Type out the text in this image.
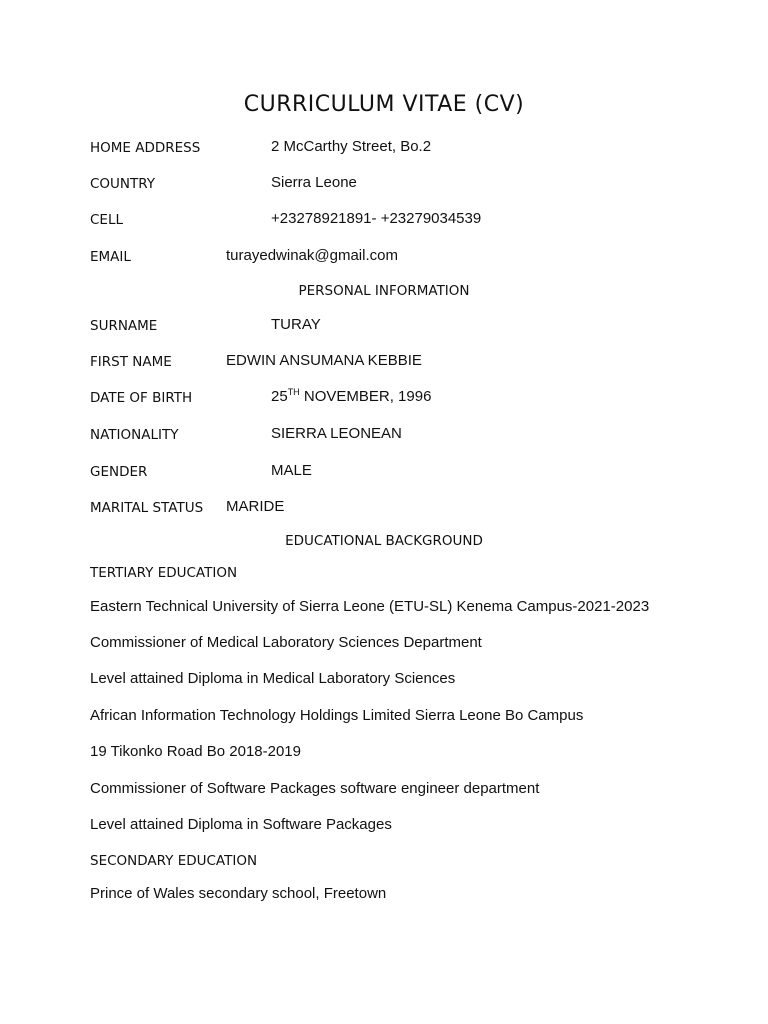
CURRICULUM VITAE (CV)
HOME ADDRESS	2 McCarthy Street, Bo.2
COUNTRY	Sierra Leone
CELL	+23278921891- +23279034539
EMAIL	turayedwinak@gmail.com
PERSONAL INFORMATION
SURNAME	TURAY
FIRST NAME	EDWIN ANSUMANA KEBBIE
DATE OF BIRTH	25TH NOVEMBER, 1996
NATIONALITY	SIERRA LEONEAN
GENDER	MALE
MARITAL STATUS MARIDE
EDUCATIONAL BACKGROUND
TERTIARY EDUCATION
Eastern Technical University of Sierra Leone (ETU-SL) Kenema Campus-2021-2023
Commissioner of Medical Laboratory Sciences Department
Level attained Diploma in Medical Laboratory Sciences
African Information Technology Holdings Limited Sierra Leone Bo Campus
19 Tikonko Road Bo 2018-2019
Commissioner of Software Packages software engineer department
Level attained Diploma in Software Packages
SECONDARY EDUCATION
Prince of Wales secondary school, Freetown
